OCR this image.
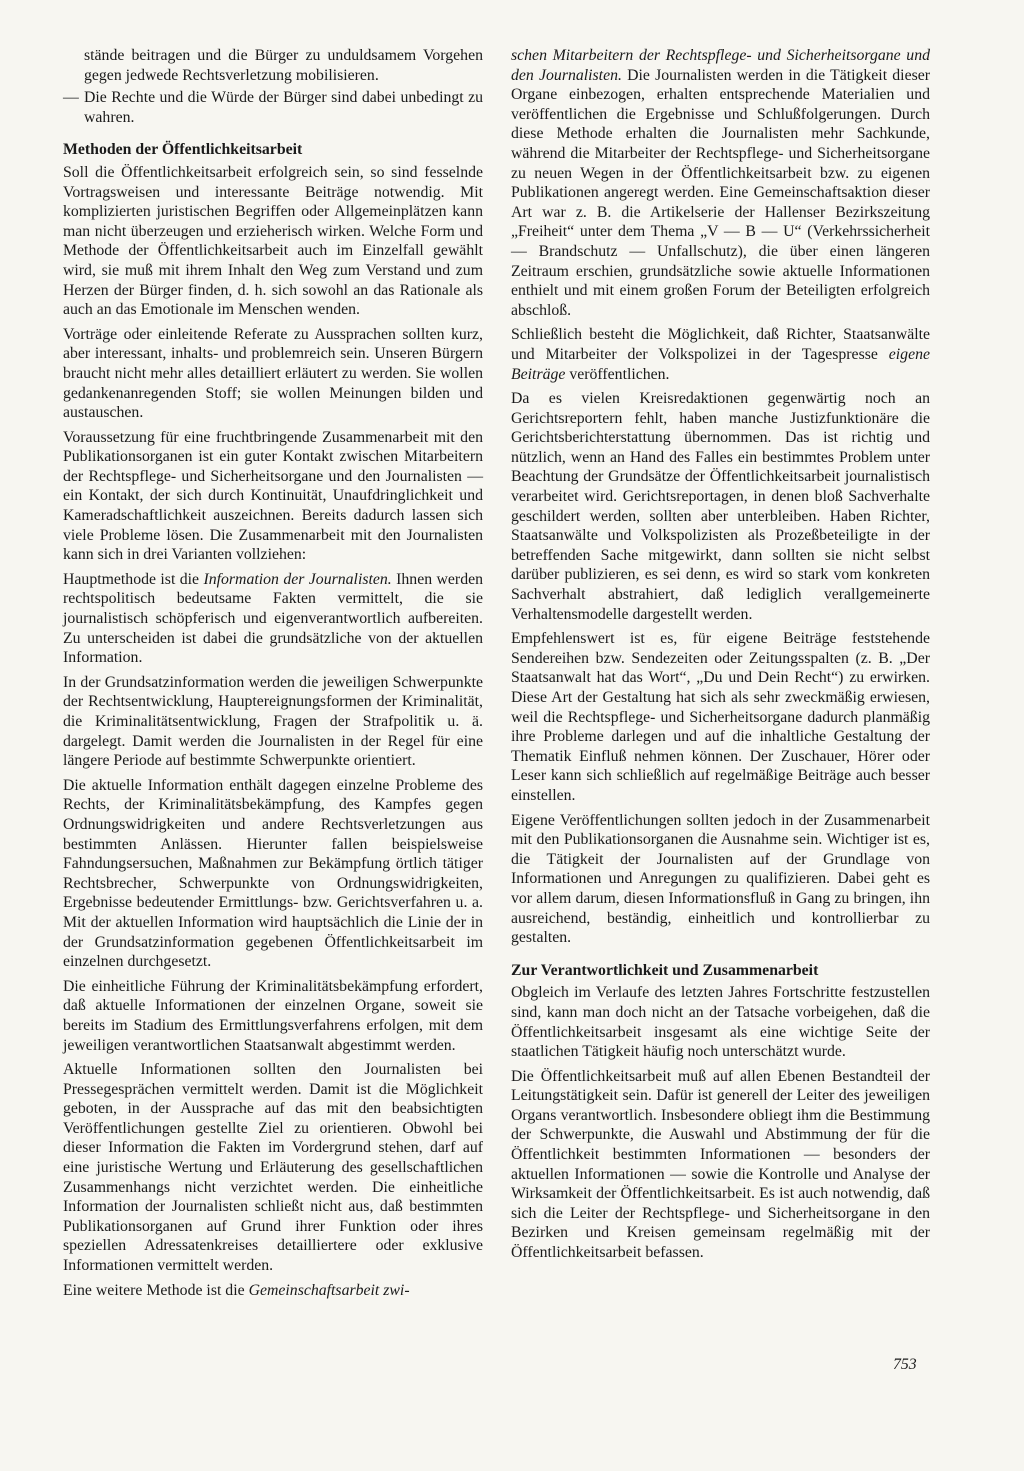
stände beitragen und die Bürger zu unduldsamem Vorgehen gegen jedwede Rechtsverletzung mobilisieren.
— Die Rechte und die Würde der Bürger sind dabei unbedingt zu wahren.
Methoden der Öffentlichkeitsarbeit

Soll die Öffentlichkeitsarbeit erfolgreich sein, so sind fesselnde Vortragsweisen und interessante Beiträge notwendig. Mit komplizierten juristischen Begriffen oder Allgemeinplätzen kann man nicht überzeugen und erzieherisch wirken. Welche Form und Methode der Öffentlichkeitsarbeit auch im Einzelfall gewählt wird, sie muß mit ihrem Inhalt den Weg zum Verstand und zum Herzen der Bürger finden, d. h. sich sowohl an das Rationale als auch an das Emotionale im Menschen wenden.

Vorträge oder einleitende Referate zu Aussprachen sollten kurz, aber interessant, inhalts- und problemreich sein. Unseren Bürgern braucht nicht mehr alles detailliert erläutert zu werden. Sie wollen gedankenanregenden Stoff; sie wollen Meinungen bilden und austauschen.

Voraussetzung für eine fruchtbringende Zusammenarbeit mit den Publikationsorganen ist ein guter Kontakt zwischen Mitarbeitern der Rechtspflege- und Sicherheitsorgane und den Journalisten — ein Kontakt, der sich durch Kontinuität, Unaufdringlichkeit und Kameradschaftlichkeit auszeichnen. Bereits dadurch lassen sich viele Probleme lösen. Die Zusammenarbeit mit den Journalisten kann sich in drei Varianten vollziehen:

Hauptmethode ist die Information der Journalisten. Ihnen werden rechtspolitisch bedeutsame Fakten vermittelt, die sie journalistisch schöpferisch und eigenverantwortlich aufbereiten. Zu unterscheiden ist dabei die grundsätzliche von der aktuellen Information.

In der Grundsatzinformation werden die jeweiligen Schwerpunkte der Rechtsentwicklung, Hauptereignungsformen der Kriminalität, die Kriminalitätsentwicklung, Fragen der Strafpolitik u. ä. dargelegt. Damit werden die Journalisten in der Regel für eine längere Periode auf bestimmte Schwerpunkte orientiert.

Die aktuelle Information enthält dagegen einzelne Probleme des Rechts, der Kriminalitätsbekämpfung, des Kampfes gegen Ordnungswidrigkeiten und andere Rechtsverletzungen aus bestimmten Anlässen. Hierunter fallen beispielsweise Fahndungsersuchen, Maßnahmen zur Bekämpfung örtlich tätiger Rechtsbrecher, Schwerpunkte von Ordnungswidrigkeiten, Ergebnisse bedeutender Ermittlungs- bzw. Gerichtsverfahren u. a. Mit der aktuellen Information wird hauptsächlich die Linie der in der Grundsatzinformation gegebenen Öffentlichkeitsarbeit im einzelnen durchgesetzt.

Die einheitliche Führung der Kriminalitätsbekämpfung erfordert, daß aktuelle Informationen der einzelnen Organe, soweit sie bereits im Stadium des Ermittlungsverfahrens erfolgen, mit dem jeweiligen verantwortlichen Staatsanwalt abgestimmt werden.

Aktuelle Informationen sollten den Journalisten bei Pressegesprächen vermittelt werden. Damit ist die Möglichkeit geboten, in der Aussprache auf das mit den beabsichtigten Veröffentlichungen gestellte Ziel zu orientieren. Obwohl bei dieser Information die Fakten im Vordergrund stehen, darf auf eine juristische Wertung und Erläuterung des gesellschaftlichen Zusammenhangs nicht verzichtet werden. Die einheitliche Information der Journalisten schließt nicht aus, daß bestimmten Publikationsorganen auf Grund ihrer Funktion oder ihres speziellen Adressatenkreises detailliertere oder exklusive Informationen vermittelt werden.

Eine weitere Methode ist die Gemeinschaftsarbeit zwi-

schen Mitarbeitern der Rechtspflege- und Sicherheitsorgane und den Journalisten. Die Journalisten werden in die Tätigkeit dieser Organe einbezogen, erhalten entsprechende Materialien und veröffentlichen die Ergebnisse und Schlußfolgerungen. Durch diese Methode erhalten die Journalisten mehr Sachkunde, während die Mitarbeiter der Rechtspflege- und Sicherheitsorgane zu neuen Wegen in der Öffentlichkeitsarbeit bzw. zu eigenen Publikationen angeregt werden. Eine Gemeinschaftsaktion dieser Art war z. B. die Artikelserie der Hallenser Bezirkszeitung „Freiheit“ unter dem Thema „V — B — U“ (Verkehrssicherheit — Brandschutz — Unfallschutz), die über einen längeren Zeitraum erschien, grundsätzliche sowie aktuelle Informationen enthielt und mit einem großen Forum der Beteiligten erfolgreich abschloß.

Schließlich besteht die Möglichkeit, daß Richter, Staatsanwälte und Mitarbeiter der Volkspolizei in der Tagespresse eigene Beiträge veröffentlichen.

Da es vielen Kreisredaktionen gegenwärtig noch an Gerichtsreportern fehlt, haben manche Justizfunktionäre die Gerichtsberichterstattung übernommen. Das ist richtig und nützlich, wenn an Hand des Falles ein bestimmtes Problem unter Beachtung der Grundsätze der Öffentlichkeitsarbeit journalistisch verarbeitet wird. Gerichtsreportagen, in denen bloß Sachverhalte geschildert werden, sollten aber unterbleiben. Haben Richter, Staatsanwälte und Volkspolizisten als Prozeßbeteiligte in der betreffenden Sache mitgewirkt, dann sollten sie nicht selbst darüber publizieren, es sei denn, es wird so stark vom konkreten Sachverhalt abstrahiert, daß lediglich verallgemeinerte Verhaltensmodelle dargestellt werden.

Empfehlenswert ist es, für eigene Beiträge feststehende Sendereihen bzw. Sendezeiten oder Zeitungsspalten (z. B. „Der Staatsanwalt hat das Wort“, „Du und Dein Recht“) zu erwirken. Diese Art der Gestaltung hat sich als sehr zweckmäßig erwiesen, weil die Rechtspflege- und Sicherheitsorgane dadurch planmäßig ihre Probleme darlegen und auf die inhaltliche Gestaltung der Thematik Einfluß nehmen können. Der Zuschauer, Hörer oder Leser kann sich schließlich auf regelmäßige Beiträge auch besser einstellen.

Eigene Veröffentlichungen sollten jedoch in der Zusammenarbeit mit den Publikationsorganen die Ausnahme sein. Wichtiger ist es, die Tätigkeit der Journalisten auf der Grundlage von Informationen und Anregungen zu qualifizieren. Dabei geht es vor allem darum, diesen Informationsfluß in Gang zu bringen, ihn ausreichend, beständig, einheitlich und kontrollierbar zu gestalten.

Zur Verantwortlichkeit und Zusammenarbeit

Obgleich im Verlaufe des letzten Jahres Fortschritte festzustellen sind, kann man doch nicht an der Tatsache vorbeigehen, daß die Öffentlichkeitsarbeit insgesamt als eine wichtige Seite der staatlichen Tätigkeit häufig noch unterschätzt wurde.

Die Öffentlichkeitsarbeit muß auf allen Ebenen Bestandteil der Leitungstätigkeit sein. Dafür ist generell der Leiter des jeweiligen Organs verantwortlich. Insbesondere obliegt ihm die Bestimmung der Schwerpunkte, die Auswahl und Abstimmung der für die Öffentlichkeit bestimmten Informationen — besonders der aktuellen Informationen — sowie die Kontrolle und Analyse der Wirksamkeit der Öffentlichkeitsarbeit. Es ist auch notwendig, daß sich die Leiter der Rechtspflege- und Sicherheitsorgane in den Bezirken und Kreisen gemeinsam regelmäßig mit der Öffentlichkeitsarbeit befassen.

753
